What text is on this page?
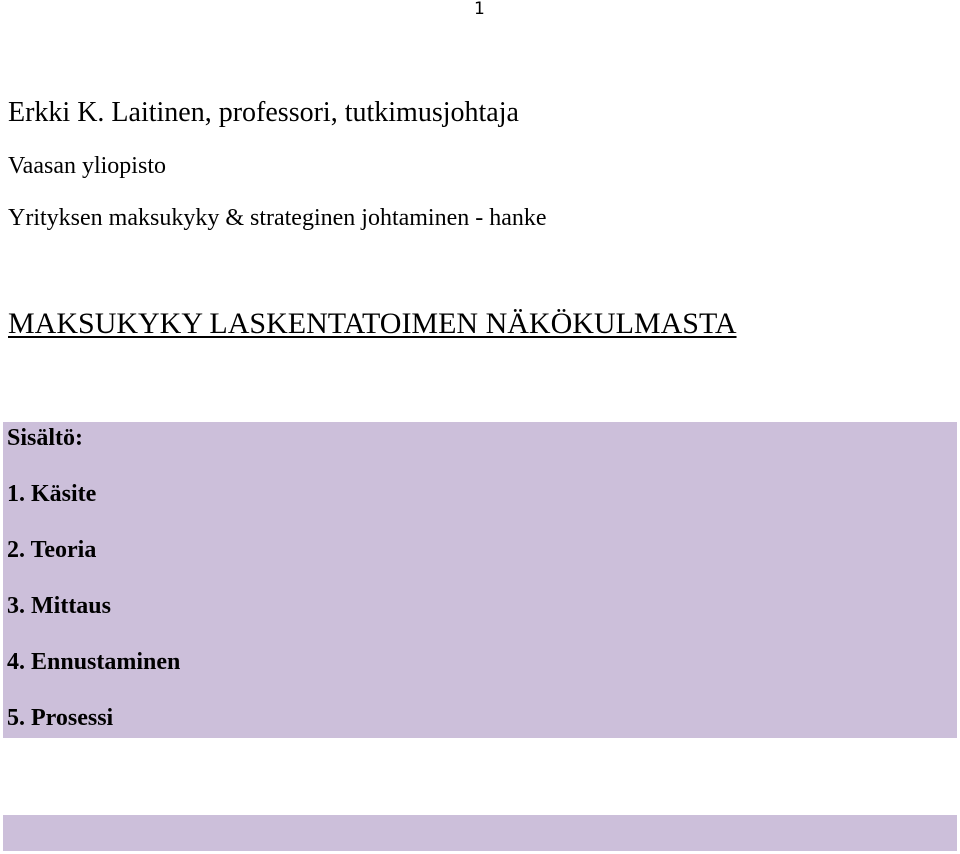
1
Erkki K. Laitinen, professori, tutkimusjohtaja
Vaasan yliopisto
Yrityksen maksukyky & strateginen johtaminen - hanke
MAKSUKYKY LASKENTATOIMEN NÄKÖKULMASTA
Sisältö:
1. Käsite
2. Teoria
3. Mittaus
4. Ennustaminen
5. Prosessi
